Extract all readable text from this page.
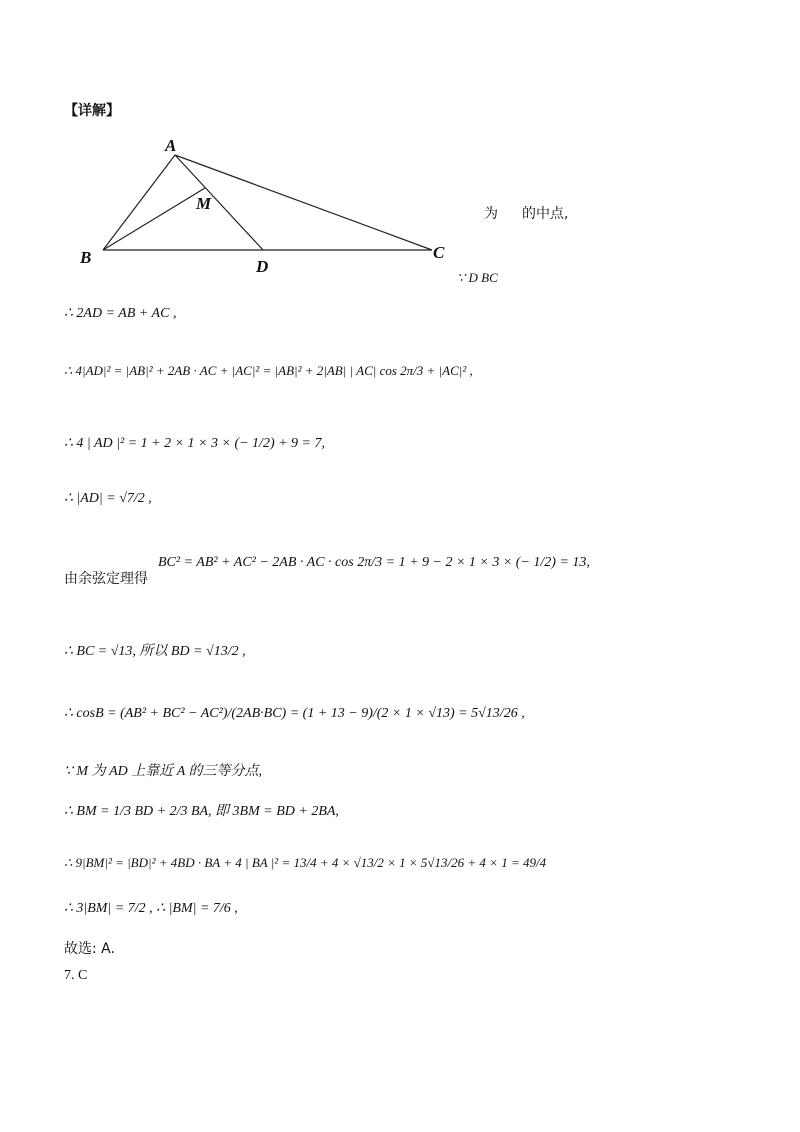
【详解】
A
M
B	D
C
为 的中点,
∵ D BC
∴ 2AD = AB + AC ,
∴ 4|AD|² = |AB|² + 2AB · AC + |AC|² = |AB|² + 2|AB| | AC| cos 2π/3 + |AC|² ,
∴ 4 | AD |² = 1 + 2 × 1 × 3 × (− 1/2) + 9 = 7,
∴ |AD| = √7/2 ,
由余弦定理得
BC² = AB² + AC² − 2AB · AC · cos 2π/3 = 1 + 9 − 2 × 1 × 3 × (− 1/2) = 13,
∴ BC = √13, 所以 BD = √13/2 ,
∴ cosB = (AB² + BC² − AC²)/(2AB·BC) = (1 + 13 − 9)/(2 × 1 × √13) = 5√13/26 ,
∵ M 为 AD 上靠近 A 的三等分点,
∴ BM = 1/3 BD + 2/3 BA, 即 3BM = BD + 2BA,
∴ 9|BM|² = |BD|² + 4BD · BA + 4 | BA |² = 13/4 + 4 × √13/2 × 1 × 5√13/26 + 4 × 1 = 49/4
∴ 3|BM| = 7/2 , ∴ |BM| = 7/6 ,
故选: A.
7. C
